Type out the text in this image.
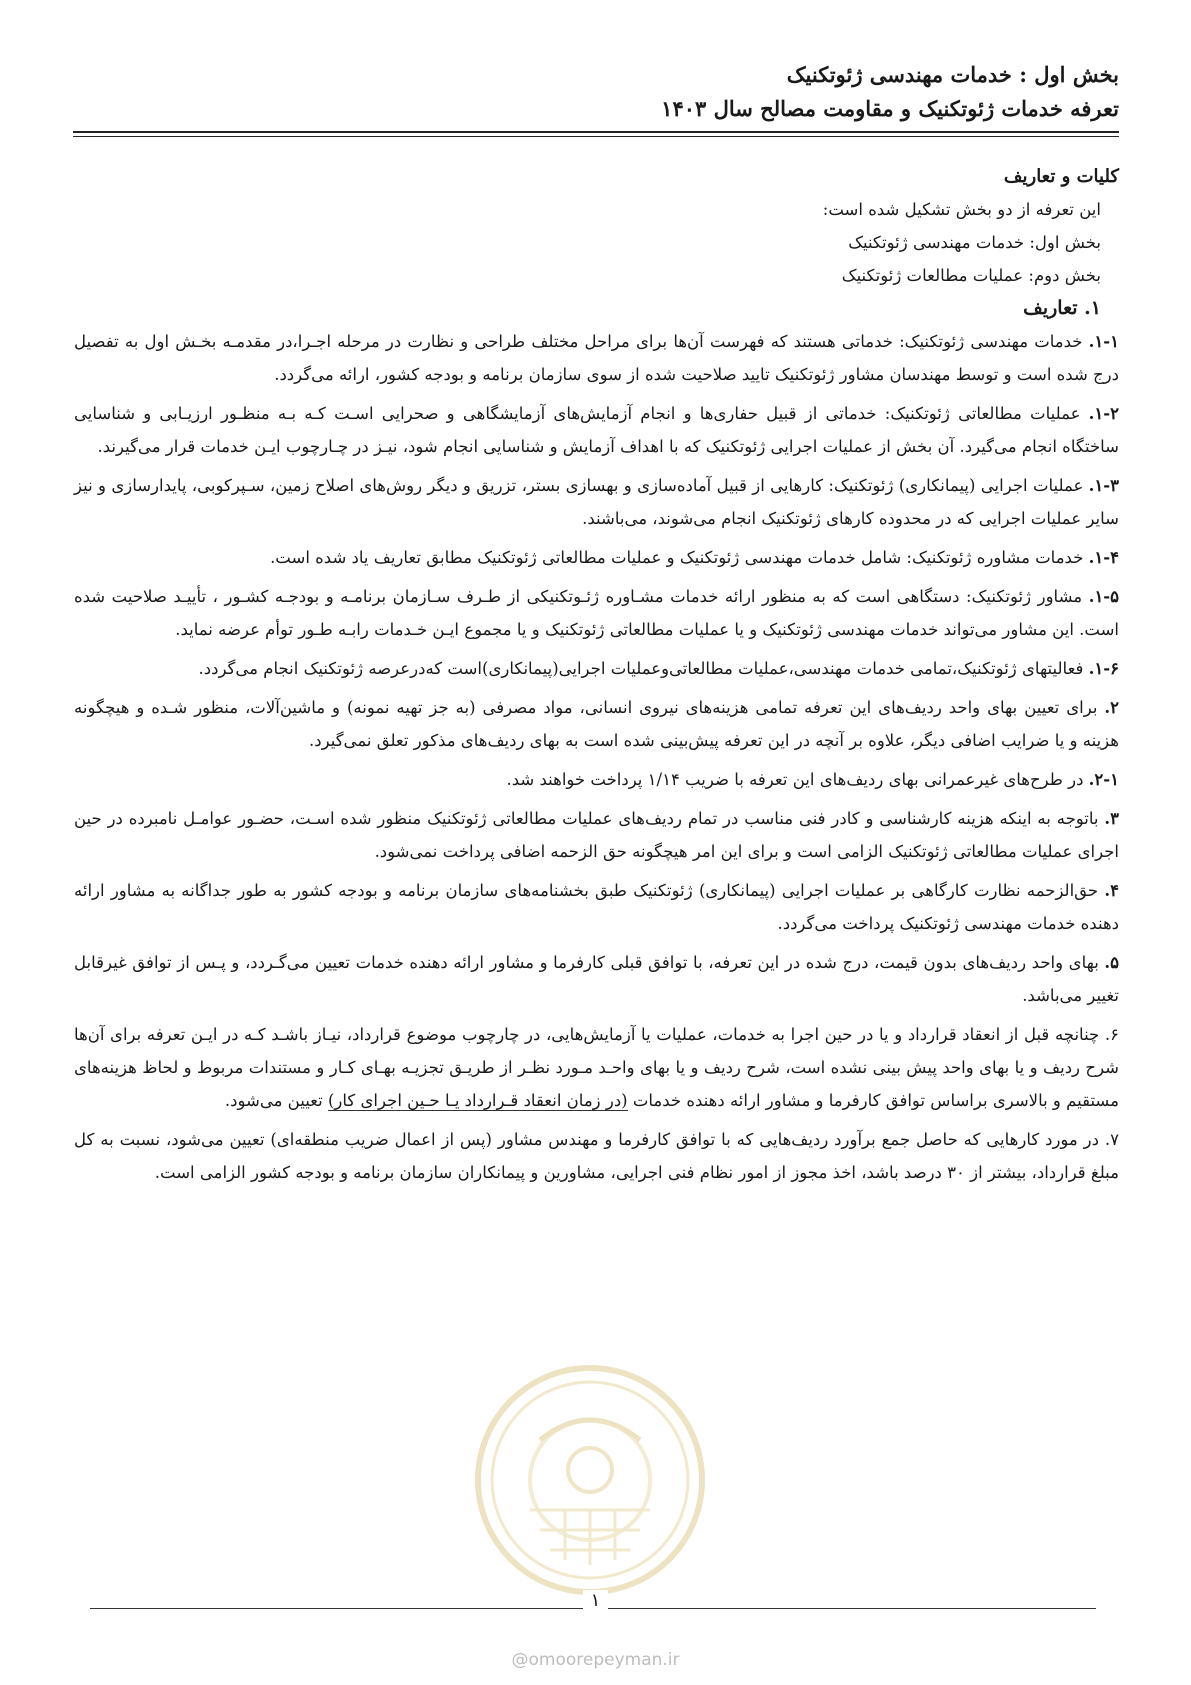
بخش اول : خدمات مهندسی ژئوتکنیک
تعرفه خدمات ژئوتکنیک و مقاومت مصالح سال ۱۴۰۳

کلیات و تعاریف

این تعرفه از دو بخش تشکیل شده است:

بخش اول: خدمات مهندسی ژئوتکنیک

بخش دوم: عملیات مطالعات ژئوتکنیک

۱. تعاریف

۱-۱. خدمات مهندسی ژئوتکنیک: خدماتی هستند که فهرست آن‌ها برای مراحل مختلف طراحی و نظارت در مرحله اجـرا،در مقدمـه بخـش اول به تفصیل درج شده است و توسط مهندسان مشاور ژئوتکنیک تایید صلاحیت شده از سوی سازمان برنامه و بودجه کشور، ارائه می‌گردد.

۱-۲. عملیات مطالعاتی ژئوتکنیک: خدماتی از قبیل حفاری‌ها و انجام آزمایش‌های آزمایشگاهی و صحرایی اسـت کـه بـه منظـور ارزیـابی و شناسایی ساختگاه انجام می‌گیرد. آن بخش از عملیات اجرایی ژئوتکنیک که با اهداف آزمایش و شناسایی انجام شود، نیـز در چـارچوب ایـن خدمات قرار می‌گیرند.

۱-۳. عملیات اجرایی (پیمانکاری) ژئوتکنیک: کارهایی از قبیل آماده‌سازی و بهسازی بستر، تزریق و دیگر روش‌های اصلاح زمین، سـپرکوبی، پایدارسازی و نیز سایر عملیات اجرایی که در محدوده کارهای ژئوتکنیک انجام می‌شوند، می‌باشند.

۱-۴. خدمات مشاوره ژئوتکنیک: شامل خدمات مهندسی ژئوتکنیک و عملیات مطالعاتی ژئوتکنیک مطابق تعاریف یاد شده است.

۱-۵. مشاور ژئوتکنیک: دستگاهی است که به منظور ارائه خدمات مشـاوره ژئـوتکنیکی از طـرف سـازمان برنامـه و بودجـه کشـور ، تأییـد صلاحیت شده است. این مشاور می‌تواند خدمات مهندسی ژئوتکنیک و یا عملیات مطالعاتی ژئوتکنیک و یا مجموع ایـن خـدمات رابـه طـور توأم عرضه نماید.

۱-۶. فعالیتهای ژئوتکنیک،تمامی خدمات مهندسی،عملیات مطالعاتی‌وعملیات اجرایی(پیمانکاری)است که‌درعرصه ژئوتکنیک انجام می‌گردد.

۲. برای تعیین بهای واحد ردیف‌های این تعرفه تمامی هزینه‌های نیروی انسانی، مواد مصرفی (به جز تهیه نمونه) و ماشین‌آلات، منظور شـده و هیچگونه هزینه و یا ضرایب اضافی دیگر، علاوه بر آنچه در این تعرفه پیش‌بینی شده است به بهای ردیف‌های مذکور تعلق نمی‌گیرد.

۲-۱. در طرح‌های غیرعمرانی بهای ردیف‌های این تعرفه با ضریب ۱/۱۴ پرداخت خواهند شد.

۳. باتوجه به اینکه هزینه کارشناسی و کادر فنی مناسب در تمام ردیف‌های عملیات مطالعاتی ژئوتکنیک منظور شده اسـت، حضـور عوامـل نامبرده در حین اجرای عملیات مطالعاتی ژئوتکنیک الزامی است و برای این امر هیچگونه حق الزحمه اضافی پرداخت نمی‌شود.

۴. حق‌الزحمه نظارت کارگاهی بر عملیات اجرایی (پیمانکاری) ژئوتکنیک طبق بخشنامه‌های سازمان برنامه و بودجه کشور به طور جداگانه به مشاور ارائه دهنده خدمات مهندسی ژئوتکنیک پرداخت می‌گردد.

۵. بهای واحد ردیف‌های بدون قیمت، درج شده در این تعرفه، با توافق قبلی کارفرما و مشاور ارائه دهنده خدمات تعیین می‌گـردد، و پـس از توافق غیرقابل تغییر می‌باشد.

۶. چنانچه قبل از انعقاد قرارداد و یا در حین اجرا به خدمات، عملیات یا آزمایش‌هایی، در چارچوب موضوع قرارداد، نیـاز باشـد کـه در ایـن تعرفه برای آن‌ها شرح ردیف و یا بهای واحد پیش بینی نشده است، شرح ردیف و یا بهای واحـد مـورد نظـر از طریـق تجزیـه بهـای کـار و مستندات مربوط و لحاظ هزینه‌های مستقیم و بالاسری براساس توافق کارفرما و مشاور ارائه دهنده خدمات (در زمان انعقاد قـرارداد یـا حـین اجرای کار) تعیین می‌شود.

۷. در مورد کارهایی که حاصل جمع برآورد ردیف‌هایی که با توافق کارفرما و مهندس مشاور (پس از اعمال ضریب منطقه‌ای) تعیین می‌شود، نسبت به کل مبلغ قرارداد، بیشتر از ۳۰ درصد باشد، اخذ مجوز از امور نظام فنی اجرایی، مشاورین و پیمانکاران سازمان برنامه و بودجه کشور الزامی است.

۱
@omoorepeyman.ir
